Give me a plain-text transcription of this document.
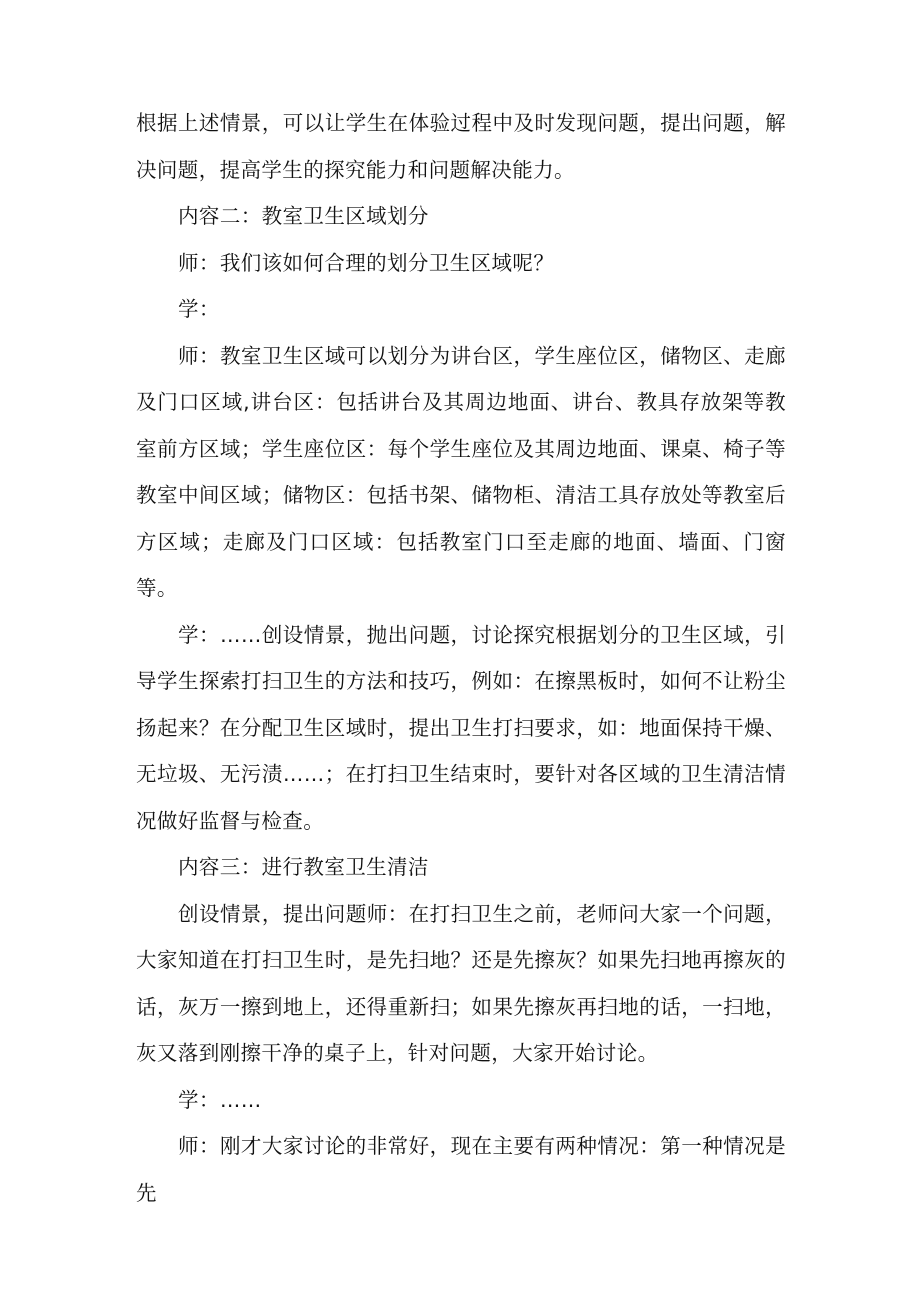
根据上述情景，可以让学生在体验过程中及时发现问题，提出问题，解决问题，提高学生的探究能力和问题解决能力。

内容二：教室卫生区域划分

师：我们该如何合理的划分卫生区域呢？

学：

师：教室卫生区域可以划分为讲台区，学生座位区，储物区、走廊及门口区域,讲台区：包括讲台及其周边地面、讲台、教具存放架等教室前方区域；学生座位区：每个学生座位及其周边地面、课桌、椅子等教室中间区域；储物区：包括书架、储物柜、清洁工具存放处等教室后方区域；走廊及门口区域：包括教室门口至走廊的地面、墙面、门窗等。

学：……创设情景，抛出问题，讨论探究根据划分的卫生区域，引导学生探索打扫卫生的方法和技巧，例如：在擦黑板时，如何不让粉尘扬起来？在分配卫生区域时，提出卫生打扫要求，如：地面保持干燥、无垃圾、无污渍……；在打扫卫生结束时，要针对各区域的卫生清洁情况做好监督与检查。

内容三：进行教室卫生清洁

创设情景，提出问题师：在打扫卫生之前，老师问大家一个问题，大家知道在打扫卫生时，是先扫地？还是先擦灰？如果先扫地再擦灰的话，灰万一擦到地上，还得重新扫；如果先擦灰再扫地的话，一扫地，灰又落到刚擦干净的桌子上，针对问题，大家开始讨论。

学：……

师：刚才大家讨论的非常好，现在主要有两种情况：第一种情况是先
